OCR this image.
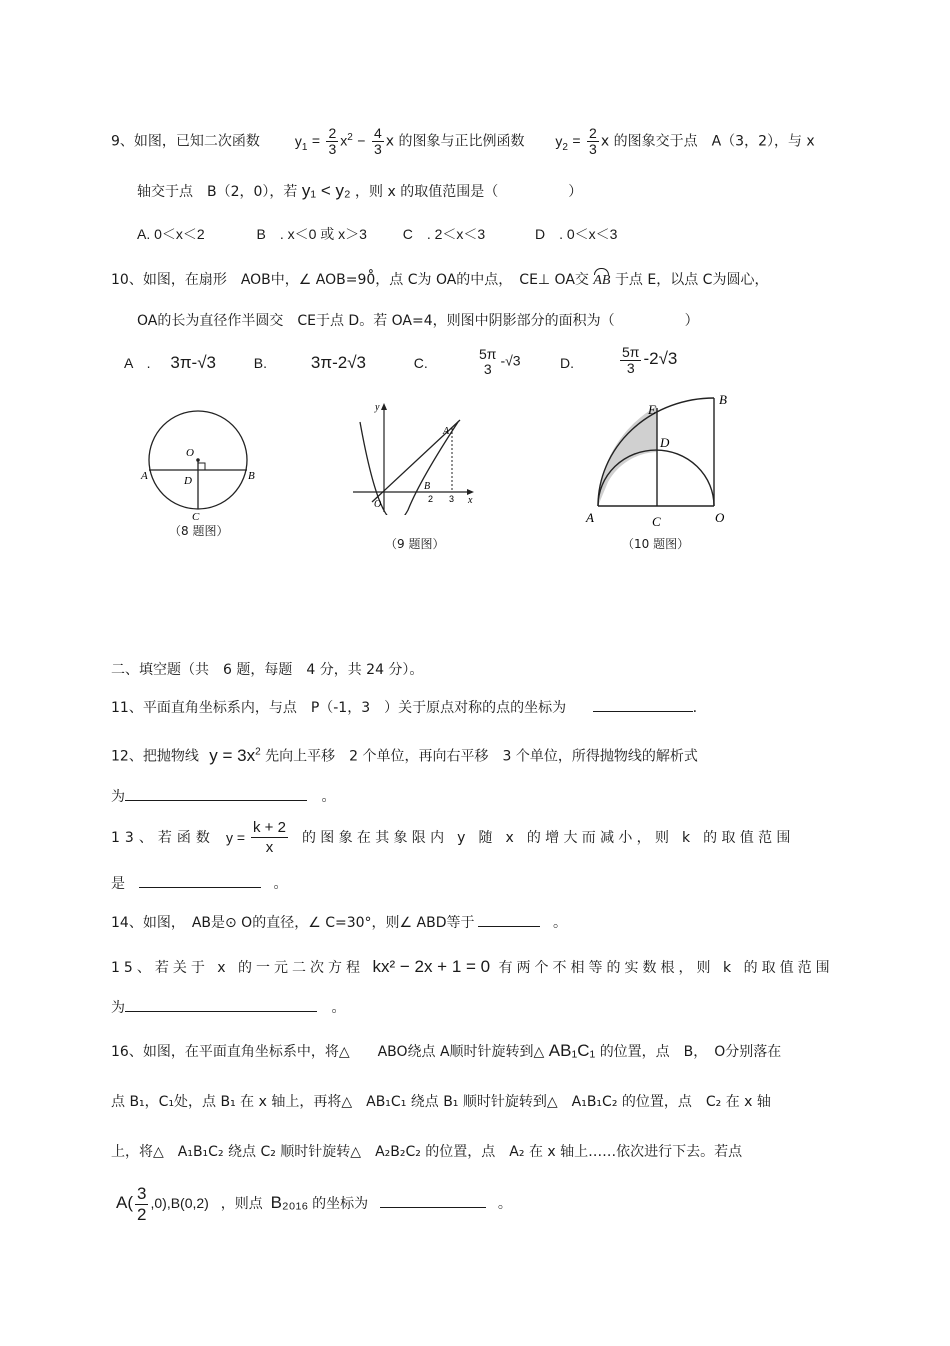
9、如图，已知二次函数 $y_1 = \frac{2}{3} x^2 - \frac{4}{3}$ x 的图象与正比例函数 $y_2 = \frac{2}{3}$ x 的图象交于点　A（3，2），与 x
轴交于点　B（2，0），若 y₁ < y₂ ，则 x 的取值范围是（　　　　　）
A. 0＜x＜2	B　. x＜0 或 x＞3	C　. 2＜x＜3	D　. 0＜x＜3
10、如图，在扇形　AOB中，∠ AOB=90̊，点 C为 OA的中点，　CE⊥ OA交 AB 于点 E，以点 C为圆心，
OA的长为直径作半圆交　CE于点 D。若 OA=4，则图中阴影部分的面积为（　　　　　）
A　. 3π-√3	B.	3π-2√3	C.
5π
3
-√3	D.	$\frac{5\pi}{3} -2√3$
O
A	B
D
C
（8 题图）
y
x
O
A
B
2 3
（9 题图）
E
B
D
A	C	O
（10 题图）
二、填空题（共　6 题，每题　4 分，共 24 分）。
11、平面直角坐标系内，与点　P（-1，3　）关于原点对称的点的坐标为	.
12、把抛物线 $y = 3x^2$ 先向上平移　2 个单位，再向右平移　3 个单位，所得抛物线的解析式
为	。
13、若函数 $y = \frac{k + 2}{x}$ 的图象在其象限内 y 随 x 的增大而减小，则 k 的取值范围
是	。
14、如图，　AB是⊙ O的直径，∠ C=30°，则∠ ABD等于	。
15、若关于 x 的一元二次方程 kx² − 2x + 1 = 0 有两个不相等的实数根，则 k 的取值范围
为	。
16、如图，在平面直角坐标系中，将△　　ABO绕点 A顺时针旋转到△ AB₁C₁ 的位置，点　B，　O分别落在
点 B₁，C₁处，点 B₁ 在 x 轴上，再将△　AB₁C₁ 绕点 B₁ 顺时针旋转到△　A₁B₁C₂ 的位置，点　C₂ 在 x 轴
上，将△　A₁B₁C₂ 绕点 C₂ 顺时针旋转△　A₂B₂C₂ 的位置，点　A₂ 在 x 轴上……依次进行下去。若点
$A( \frac{3}{2} ,0),B(0,2)$ ，则点 B₂₀₁₆ 的坐标为	。
